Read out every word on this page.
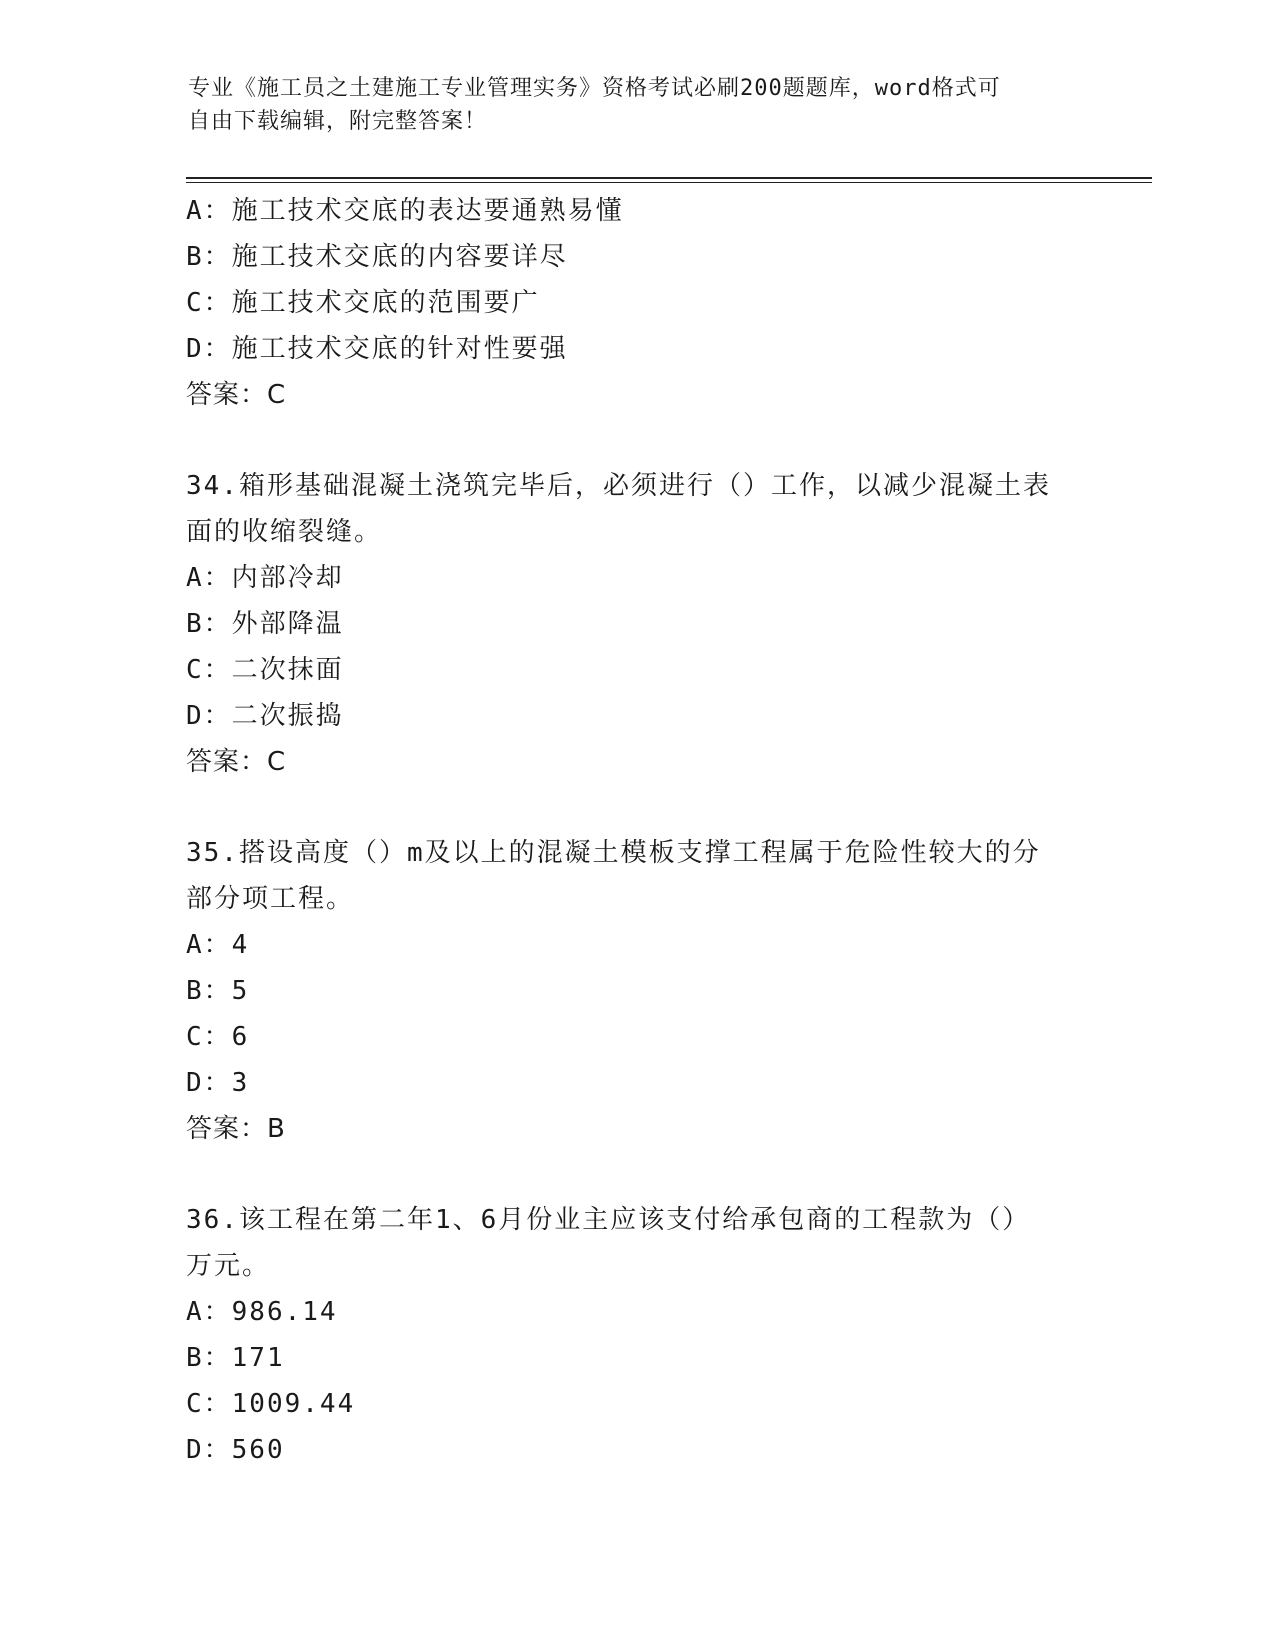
专业《施工员之土建施工专业管理实务》资格考试必刷200题题库，word格式可
自由下载编辑，附完整答案！
A：施工技术交底的表达要通熟易懂
B：施工技术交底的内容要详尽
C：施工技术交底的范围要广
D：施工技术交底的针对性要强
答案：C
34.箱形基础混凝土浇筑完毕后，必须进行（）工作，以减少混凝土表
面的收缩裂缝。
A：内部冷却
B：外部降温
C：二次抹面
D：二次振捣
答案：C
35.搭设高度（）m及以上的混凝土模板支撑工程属于危险性较大的分
部分项工程。
A：4
B：5
C：6
D：3
答案：B
36.该工程在第二年1、6月份业主应该支付给承包商的工程款为（）
万元。
A：986.14
B：171
C：1009.44
D：560
